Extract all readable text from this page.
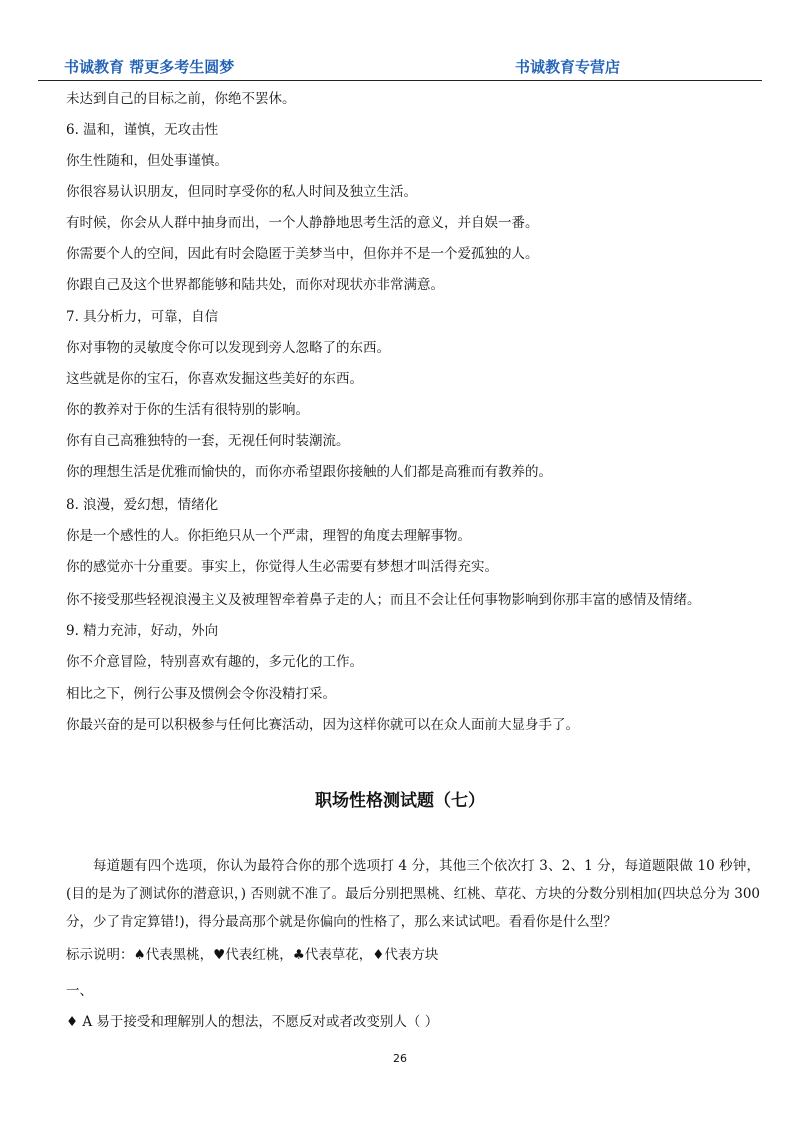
书诚教育 帮更多考生圆梦	书诚教育专营店
未达到自己的目标之前，你绝不罢休。
6. 温和，谨慎，无攻击性
你生性随和，但处事谨慎。
你很容易认识朋友，但同时享受你的私人时间及独立生活。
有时候，你会从人群中抽身而出，一个人静静地思考生活的意义，并自娱一番。
你需要个人的空间，因此有时会隐匿于美梦当中，但你并不是一个爱孤独的人。
你跟自己及这个世界都能够和陆共处，而你对现状亦非常满意。
7. 具分析力，可靠，自信
你对事物的灵敏度令你可以发现到旁人忽略了的东西。
这些就是你的宝石，你喜欢发掘这些美好的东西。
你的教养对于你的生活有很特别的影响。
你有自己高雅独特的一套，无视任何时装潮流。
你的理想生活是优雅而愉快的，而你亦希望跟你接触的人们都是高雅而有教养的。
8. 浪漫，爱幻想，情绪化
你是一个感性的人。你拒绝只从一个严肃，理智的角度去理解事物。
你的感觉亦十分重要。事实上，你觉得人生必需要有梦想才叫活得充实。
你不接受那些轻视浪漫主义及被理智牵着鼻子走的人；而且不会让任何事物影响到你那丰富的感情及情绪。
9. 精力充沛，好动，外向
你不介意冒险，特别喜欢有趣的，多元化的工作。
相比之下，例行公事及惯例会令你没精打采。
你最兴奋的是可以积极参与任何比赛活动，因为这样你就可以在众人面前大显身手了。
职场性格测试题（七）
每道题有四个选项，你认为最符合你的那个选项打 4 分，其他三个依次打 3、2、1 分，每道题限做 10 秒钟，(目的是为了测试你的潜意识，) 否则就不准了。最后分别把黑桃、红桃、草花、方块的分数分别相加(四块总分为 300 分，少了肯定算错!)，得分最高那个就是你偏向的性格了，那么来试试吧。看看你是什么型？
标示说明：♠代表黑桃，♥代表红桃，♣代表草花，♦代表方块
一、
♦ A 易于接受和理解别人的想法，不愿反对或者改变别人（ ）
26
